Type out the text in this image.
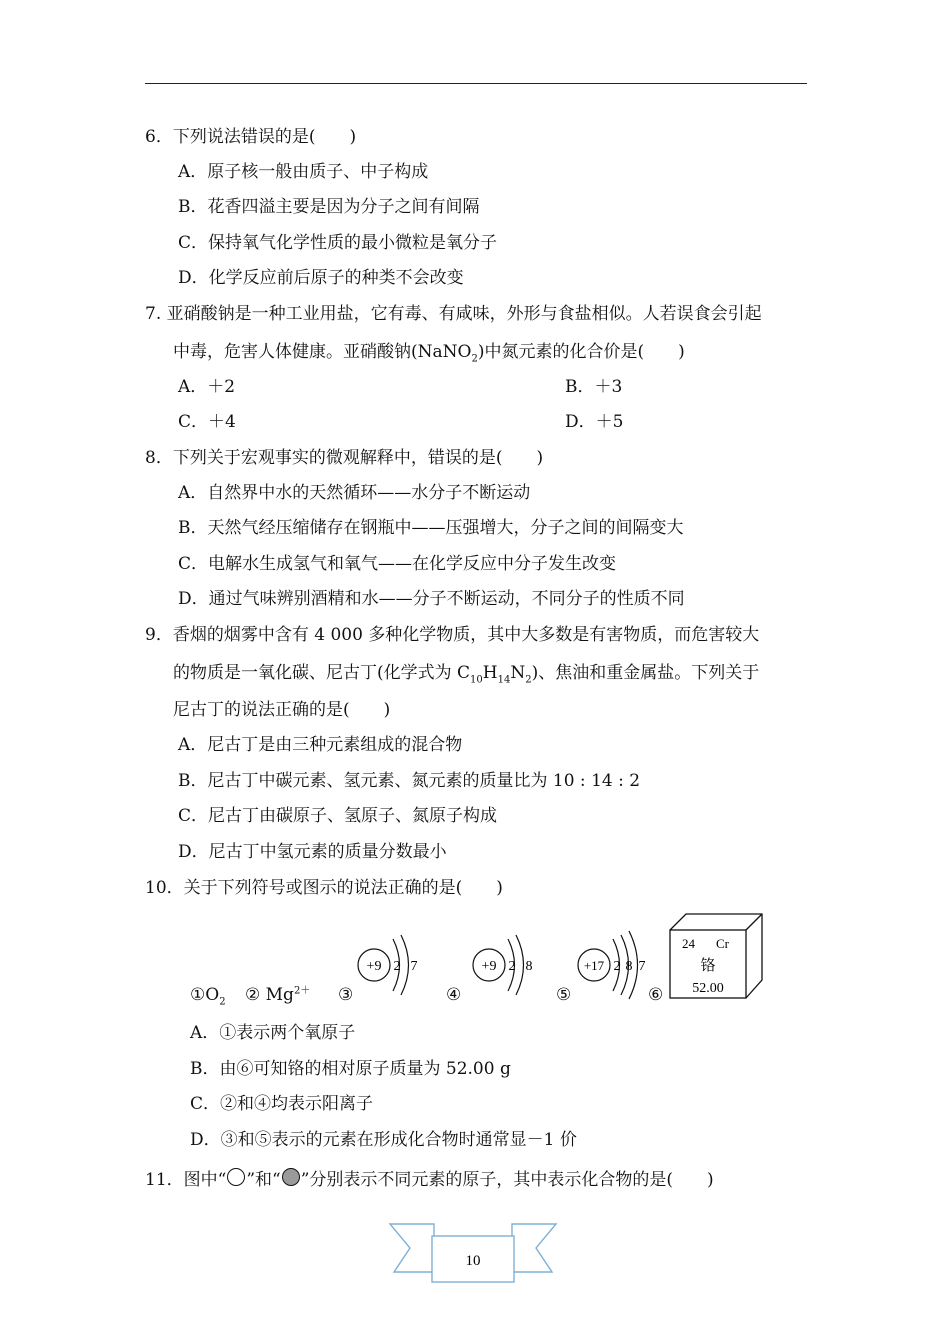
6．下列说法错误的是(　　)
A．原子核一般由质子、中子构成
B．花香四溢主要是因为分子之间有间隔
C．保持氧气化学性质的最小微粒是氧分子
D．化学反应前后原子的种类不会改变
7. 亚硝酸钠是一种工业用盐，它有毒、有咸味，外形与食盐相似。人若误食会引起
中毒，危害人体健康。亚硝酸钠(NaNO$_2$)中氮元素的化合价是(　　)
A．＋2	B．＋3
C．＋4	D．＋5
8．下列关于宏观事实的微观解释中，错误的是(　　)
A．自然界中水的天然循环——水分子不断运动
B．天然气经压缩储存在钢瓶中——压强增大，分子之间的间隔变大
C．电解水生成氢气和氧气——在化学反应中分子发生改变
D．通过气味辨别酒精和水——分子不断运动，不同分子的性质不同
9．香烟的烟雾中含有 4 000 多种化学物质，其中大多数是有害物质，而危害较大
的物质是一氧化碳、尼古丁(化学式为 $C_{10}H_{14}N_2$)、焦油和重金属盐。下列关于
尼古丁的说法正确的是(　　)
A．尼古丁是由三种元素组成的混合物
B．尼古丁中碳元素、氢元素、氮元素的质量比为 10 : 14 : 2
C．尼古丁由碳原子、氢原子、氮原子构成
D．尼古丁中氢元素的质量分数最小
10．关于下列符号或图示的说法正确的是(　　)
$①O_2$ ② $Mg^{2+}$ ③	④	⑤	⑥
+9 2 7	+9 2 8	+17 2 8 7
24 Cr
铬
52.00
A．①表示两个氧原子
B．由⑥可知铬的相对原子质量为 52.00 g
C．②和④均表示阳离子
D．③和⑤表示的元素在形成化合物时通常显－1 价
11．图中“ ”和“ ”分别表示不同元素的原子，其中表示化合物的是(　　)
10
